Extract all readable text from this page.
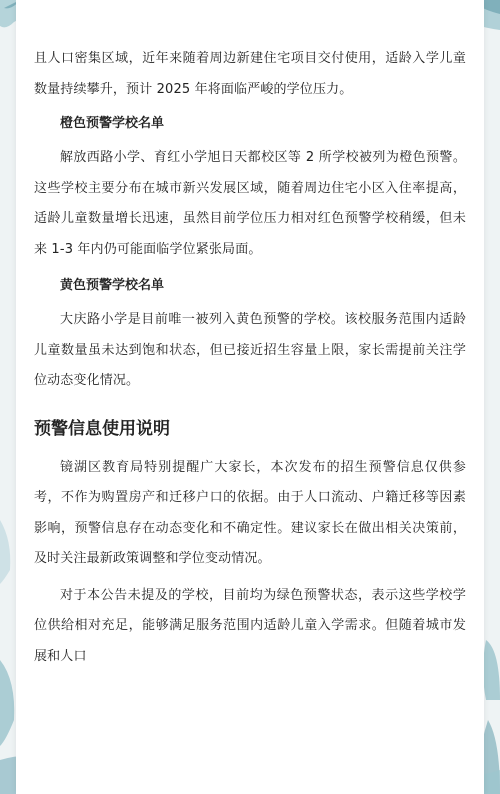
且人口密集区域，近年来随着周边新建住宅项目交付使用，适龄入学儿童数量持续攀升，预计 2025 年将面临严峻的学位压力。

橙色预警学校名单

解放西路小学、育红小学旭日天都校区等 2 所学校被列为橙色预警。这些学校主要分布在城市新兴发展区域，随着周边住宅小区入住率提高，适龄儿童数量增长迅速，虽然目前学位压力相对红色预警学校稍缓，但未来 1-3 年内仍可能面临学位紧张局面。

黄色预警学校名单

大庆路小学是目前唯一被列入黄色预警的学校。该校服务范围内适龄儿童数量虽未达到饱和状态，但已接近招生容量上限，家长需提前关注学位动态变化情况。

预警信息使用说明

镜湖区教育局特别提醒广大家长，本次发布的招生预警信息仅供参考，不作为购置房产和迁移户口的依据。由于人口流动、户籍迁移等因素影响，预警信息存在动态变化和不确定性。建议家长在做出相关决策前，及时关注最新政策调整和学位变动情况。

对于本公告未提及的学校，目前均为绿色预警状态，表示这些学校学位供给相对充足，能够满足服务范围内适龄儿童入学需求。但随着城市发展和人口
